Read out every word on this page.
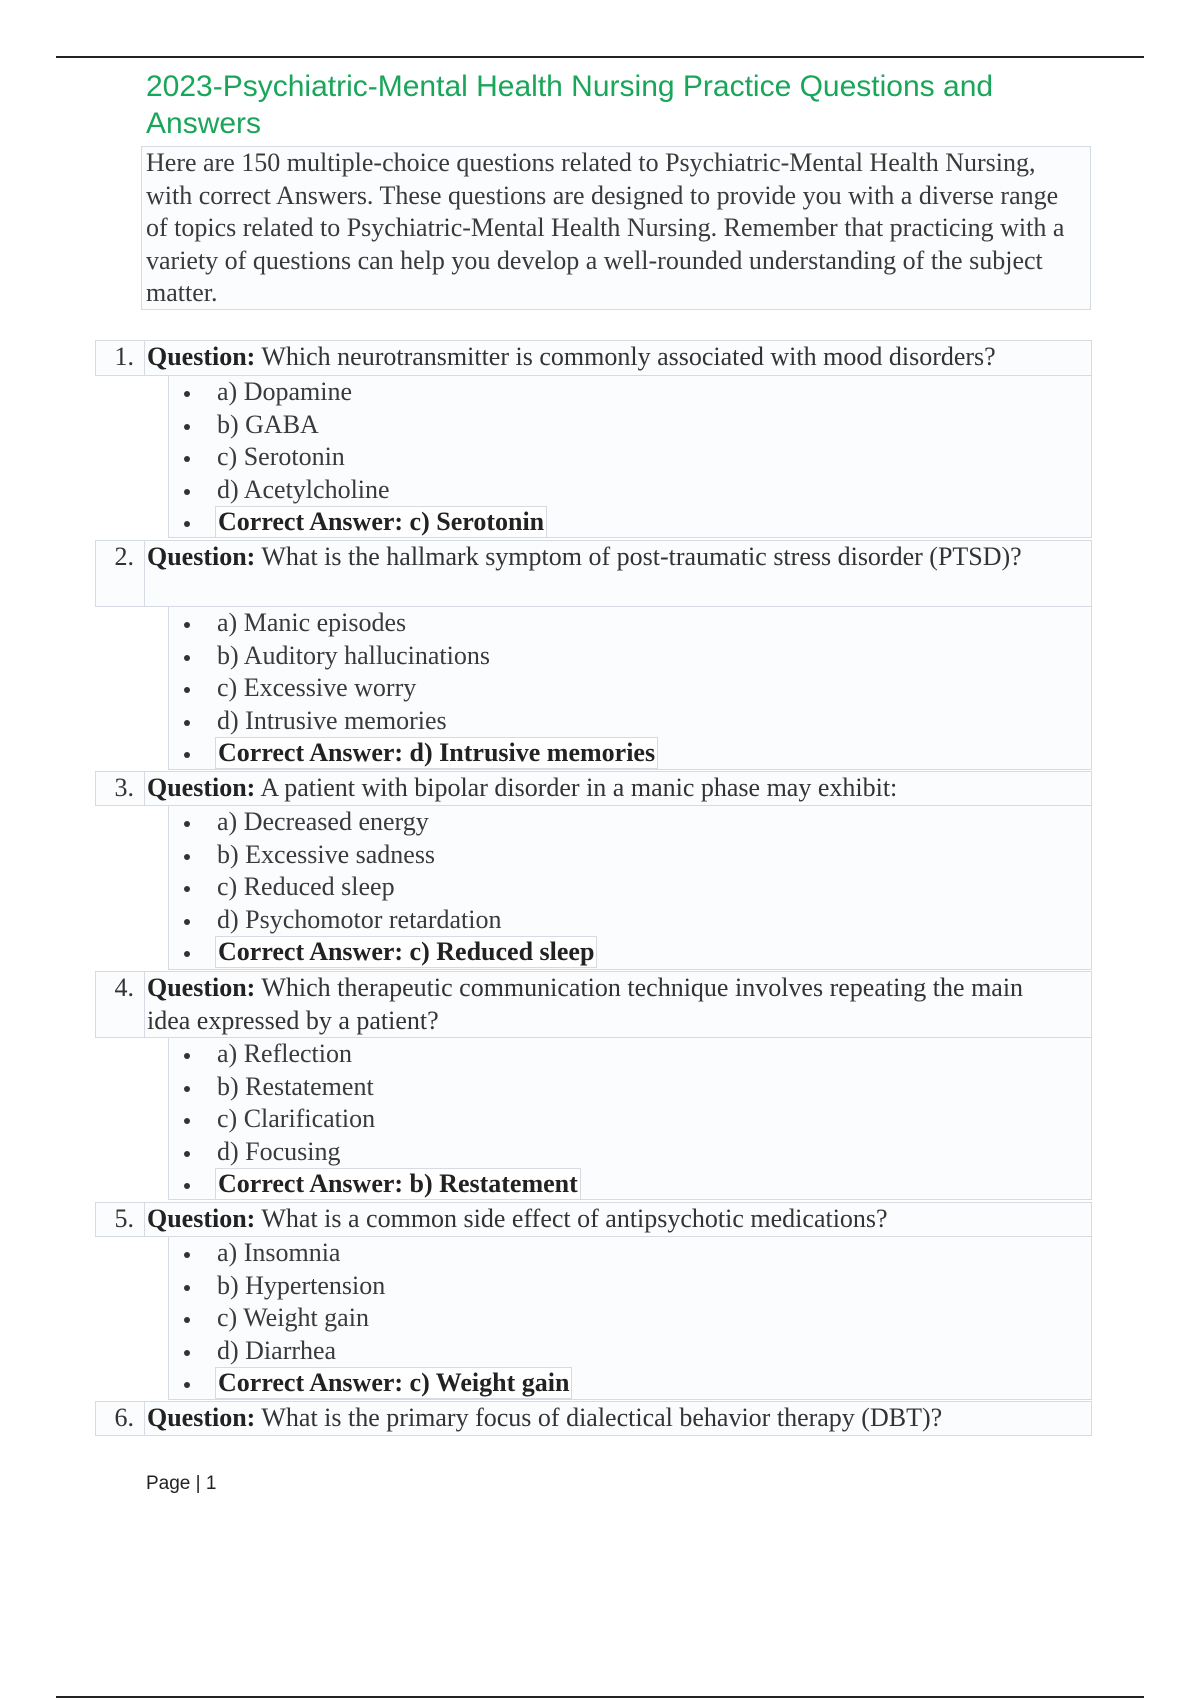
2023-Psychiatric-Mental Health Nursing Practice Questions and Answers
Here are 150 multiple-choice questions related to Psychiatric-Mental Health Nursing, with correct Answers. These questions are designed to provide you with a diverse range of topics related to Psychiatric-Mental Health Nursing. Remember that practicing with a variety of questions can help you develop a well-rounded understanding of the subject matter.
1. Question: Which neurotransmitter is commonly associated with mood disorders?
a) Dopamine
b) GABA
c) Serotonin
d) Acetylcholine
Correct Answer: c) Serotonin
2. Question: What is the hallmark symptom of post-traumatic stress disorder (PTSD)?
a) Manic episodes
b) Auditory hallucinations
c) Excessive worry
d) Intrusive memories
Correct Answer: d) Intrusive memories
3. Question: A patient with bipolar disorder in a manic phase may exhibit:
a) Decreased energy
b) Excessive sadness
c) Reduced sleep
d) Psychomotor retardation
Correct Answer: c) Reduced sleep
4. Question: Which therapeutic communication technique involves repeating the main idea expressed by a patient?
a) Reflection
b) Restatement
c) Clarification
d) Focusing
Correct Answer: b) Restatement
5. Question: What is a common side effect of antipsychotic medications?
a) Insomnia
b) Hypertension
c) Weight gain
d) Diarrhea
Correct Answer: c) Weight gain
6. Question: What is the primary focus of dialectical behavior therapy (DBT)?
Page | 1
